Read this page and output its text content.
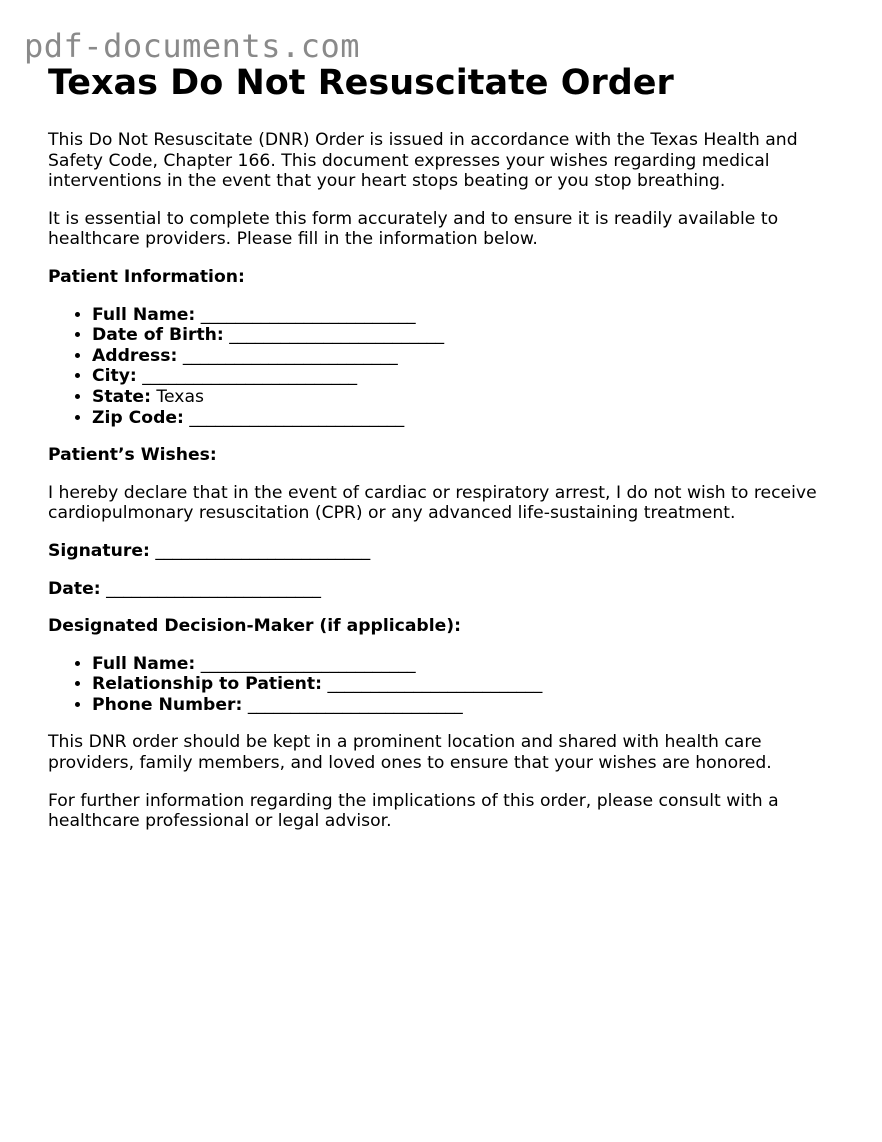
pdf-documents.com
Texas Do Not Resuscitate Order

This Do Not Resuscitate (DNR) Order is issued in accordance with the Texas Health and Safety Code, Chapter 166. This document expresses your wishes regarding medical interventions in the event that your heart stops beating or you stop breathing.

It is essential to complete this form accurately and to ensure it is readily available to healthcare providers. Please fill in the information below.

Patient Information:
• Full Name: _________________________
• Date of Birth: _________________________
• Address: _________________________
• City: _________________________
• State: Texas
• Zip Code: _________________________
Patient’s Wishes:

I hereby declare that in the event of cardiac or respiratory arrest, I do not wish to receive cardiopulmonary resuscitation (CPR) or any advanced life-sustaining treatment.

Signature: _________________________
Date: _________________________
Designated Decision-Maker (if applicable):
• Full Name: _________________________
• Relationship to Patient: _________________________
• Phone Number: _________________________

This DNR order should be kept in a prominent location and shared with health care providers, family members, and loved ones to ensure that your wishes are honored.

For further information regarding the implications of this order, please consult with a healthcare professional or legal advisor.
